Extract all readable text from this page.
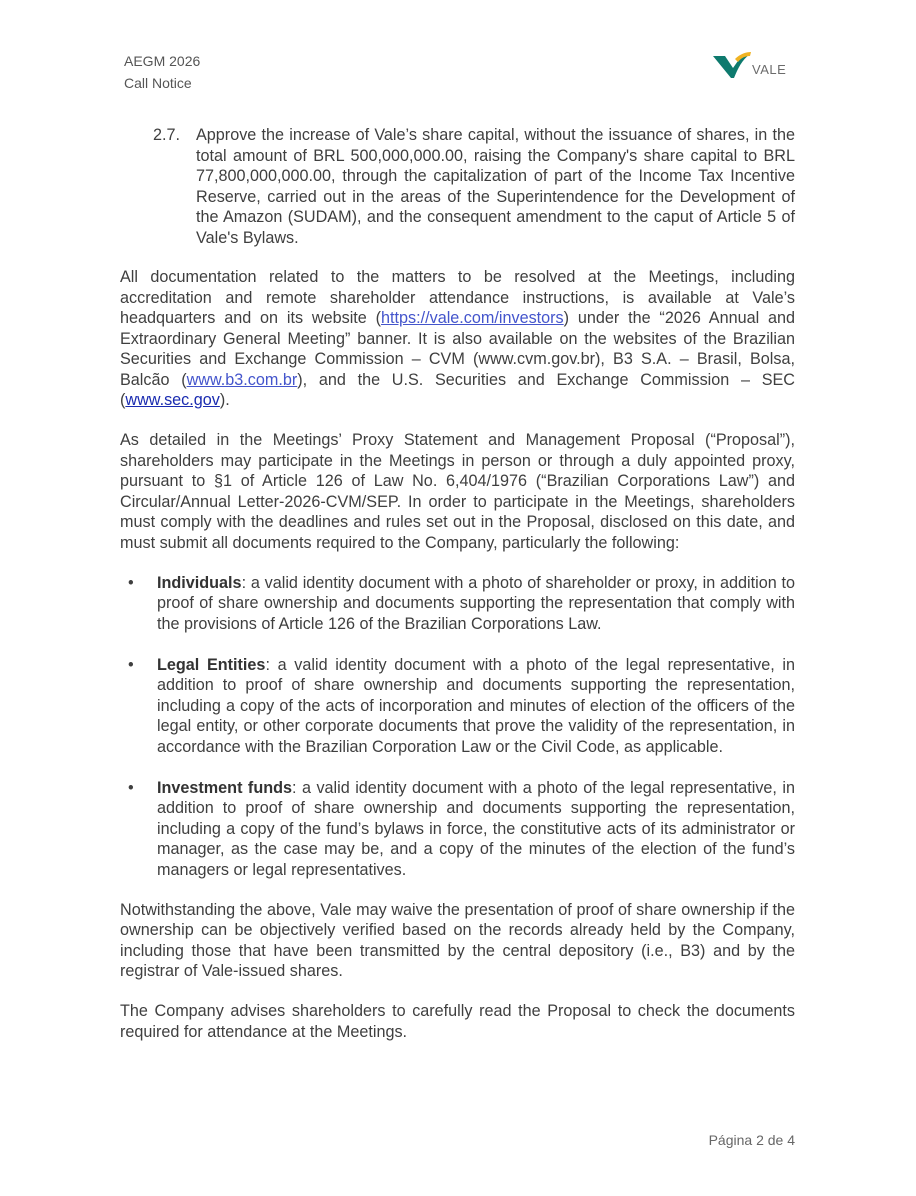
AEGM 2026
Call Notice
VALE
2.7. Approve the increase of Vale’s share capital, without the issuance of shares, in the total amount of BRL 500,000,000.00, raising the Company's share capital to BRL 77,800,000,000.00, through the capitalization of part of the Income Tax Incentive Reserve, carried out in the areas of the Superintendence for the Development of the Amazon (SUDAM), and the consequent amendment to the caput of Article 5 of Vale's Bylaws.

All documentation related to the matters to be resolved at the Meetings, including accreditation and remote shareholder attendance instructions, is available at Vale’s headquarters and on its website (https://vale.com/investors) under the “2026 Annual and Extraordinary General Meeting” banner. It is also available on the websites of the Brazilian Securities and Exchange Commission – CVM (www.cvm.gov.br), B3 S.A. – Brasil, Bolsa, Balcão (www.b3.com.br), and the U.S. Securities and Exchange Commission – SEC (www.sec.gov).

As detailed in the Meetings’ Proxy Statement and Management Proposal (“Proposal”), shareholders may participate in the Meetings in person or through a duly appointed proxy, pursuant to §1 of Article 126 of Law No. 6,404/1976 (“Brazilian Corporations Law”) and Circular/Annual Letter-2026-CVM/SEP. In order to participate in the Meetings, shareholders must comply with the deadlines and rules set out in the Proposal, disclosed on this date, and must submit all documents required to the Company, particularly the following:

•	Individuals: a valid identity document with a photo of shareholder or proxy, in addition to proof of share ownership and documents supporting the representation that comply with the provisions of Article 126 of the Brazilian Corporations Law.
•	Legal Entities: a valid identity document with a photo of the legal representative, in addition to proof of share ownership and documents supporting the representation, including a copy of the acts of incorporation and minutes of election of the officers of the legal entity, or other corporate documents that prove the validity of the representation, in accordance with the Brazilian Corporation Law or the Civil Code, as applicable.
•	Investment funds: a valid identity document with a photo of the legal representative, in addition to proof of share ownership and documents supporting the representation, including a copy of the fund’s bylaws in force, the constitutive acts of its administrator or manager, as the case may be, and a copy of the minutes of the election of the fund’s managers or legal representatives.

Notwithstanding the above, Vale may waive the presentation of proof of share ownership if the ownership can be objectively verified based on the records already held by the Company, including those that have been transmitted by the central depository (i.e., B3) and by the registrar of Vale-issued shares.

The Company advises shareholders to carefully read the Proposal to check the documents required for attendance at the Meetings.

Página 2 de 4
